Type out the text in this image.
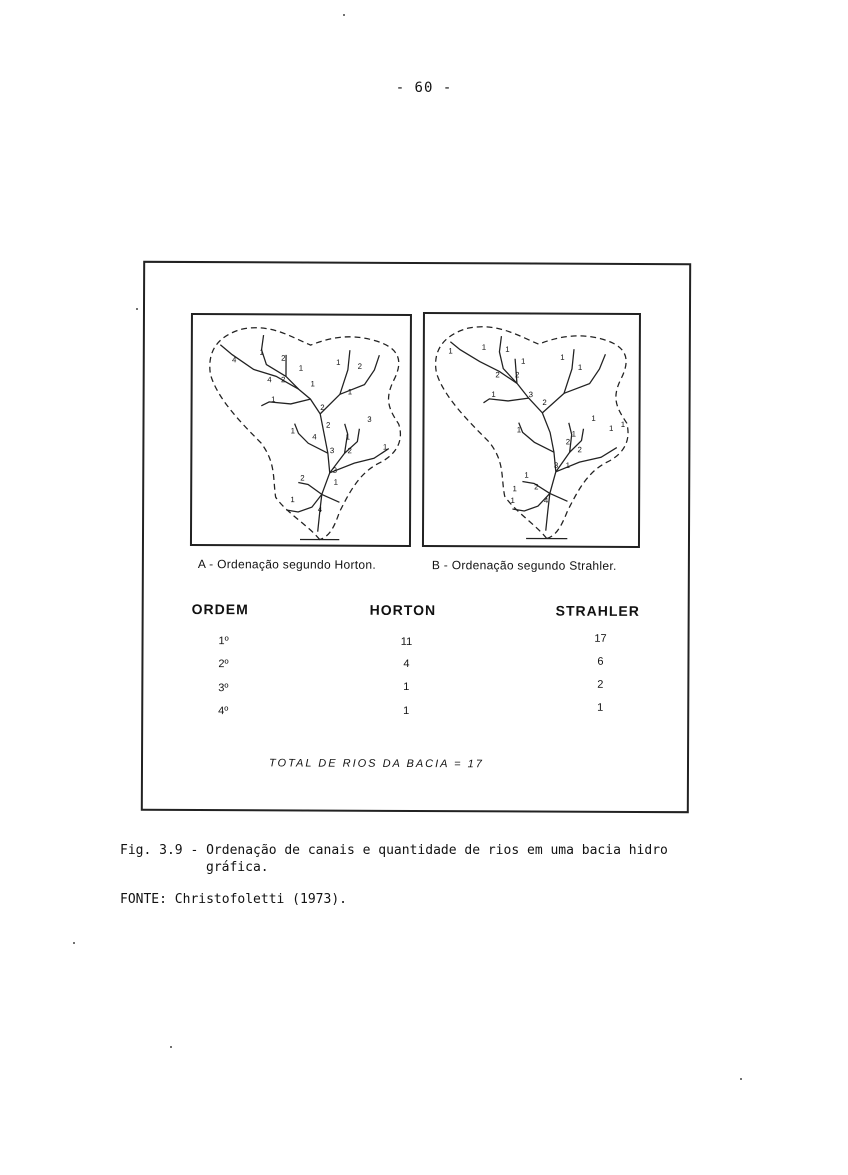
- 60 -
4
1
2
1
4 2	1
1 2
1
1
2
3
1
4
2
1
3 2	1
2	1
3
1
4
1	1 1
1	1
2 2
1
1	3
2
1
1
2
1
1
2
1
1
3
1
1 2
1	4
A - Ordenação segundo Horton.	B - Ordenação segundo Strahler.
ORDEM	HORTON	STRAHLER
1º	11	17
2º	4	6
3º	1	2
4º	1	1
TOTAL DE RIOS DA BACIA = 17
Fig. 3.9 - Ordenação de canais e quantidade de rios em uma bacia hidro
gráfica.
FONTE: Christofoletti (1973).
